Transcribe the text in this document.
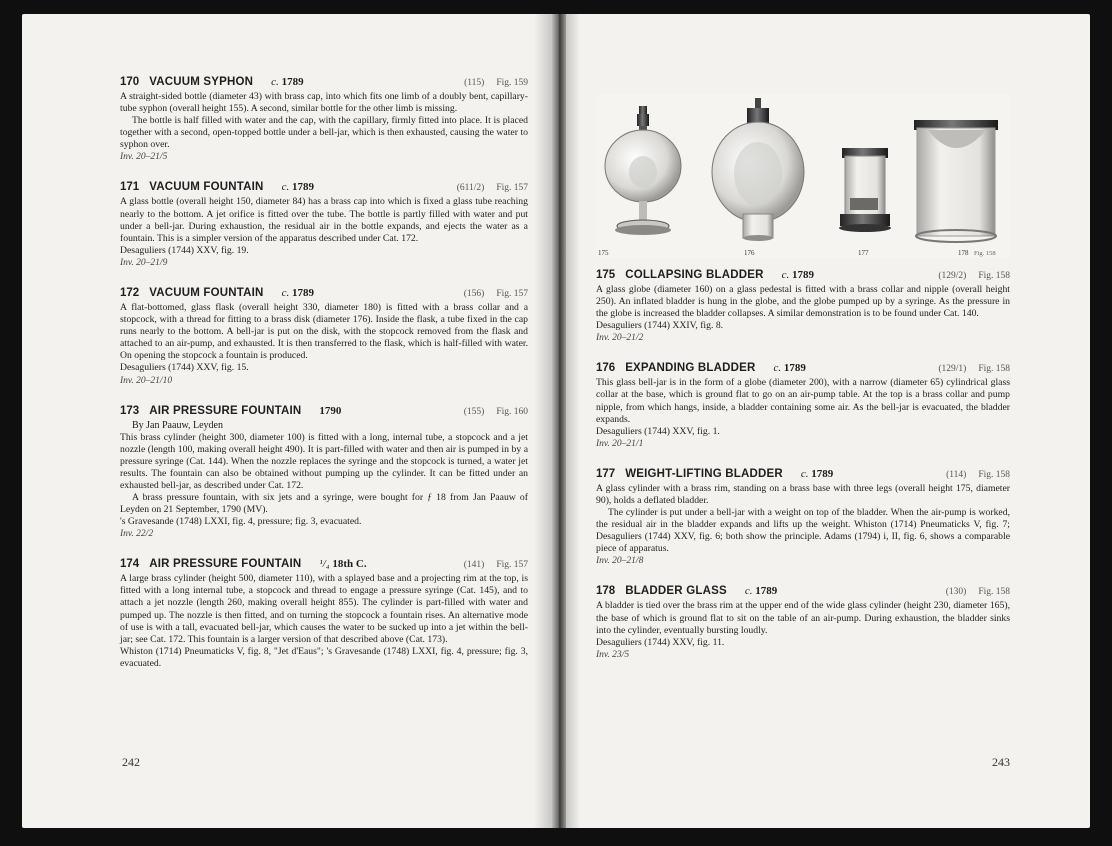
170 VACUUM SYPHON c. 1789	(115) Fig. 159

A straight-sided bottle (diameter 43) with brass cap, into which fits one limb of a doubly bent, capillary-tube syphon (overall height 155). A second, similar bottle for the other limb is missing.

The bottle is half filled with water and the cap, with the capillary, firmly fitted into place. It is placed together with a second, open-topped bottle under a bell-jar, which is then exhausted, causing the water to syphon over.

Inv. 20–21/5
171 VACUUM FOUNTAIN c. 1789	(611/2) Fig. 157

A glass bottle (overall height 150, diameter 84) has a brass cap into which is fixed a glass tube reaching nearly to the bottom. A jet orifice is fitted over the tube. The bottle is partly filled with water and put under a bell-jar. During exhaustion, the residual air in the bottle expands, and ejects the water as a fountain. This is a simpler version of the apparatus described under Cat. 172.

Desaguliers (1744) XXV, fig. 19.

Inv. 20–21/9
172 VACUUM FOUNTAIN c. 1789	(156) Fig. 157

A flat-bottomed, glass flask (overall height 330, diameter 180) is fitted with a brass collar and a stopcock, with a thread for fitting to a brass disk (diameter 176). Inside the flask, a tube fixed in the cap runs nearly to the bottom. A bell-jar is put on the disk, with the stopcock removed from the flask and attached to an air-pump, and exhausted. It is then transferred to the flask, which is half-filled with water. On opening the stopcock a fountain is produced.

Desaguliers (1744) XXV, fig. 15.

Inv. 20–21/10
173 AIR PRESSURE FOUNTAIN 1790	(155) Fig. 160
By Jan Paauw, Leyden

This brass cylinder (height 300, diameter 100) is fitted with a long, internal tube, a stopcock and a jet nozzle (length 100, making overall height 490). It is part-filled with water and then air is pumped in by a pressure syringe (Cat. 144). When the nozzle replaces the syringe and the stopcock is turned, a water jet results. The fountain can also be obtained without pumping up the cylinder. It can be fitted under an exhausted bell-jar, as described under Cat. 172.

A brass pressure fountain, with six jets and a syringe, were bought for ƒ 18 from Jan Paauw of Leyden on 21 September, 1790 (MV).

's Gravesande (1748) LXXI, fig. 4, pressure; fig. 3, evacuated.

Inv. 22/2
174 AIR PRESSURE FOUNTAIN ¹/₄ 18th C.	(141) Fig. 157

A large brass cylinder (height 500, diameter 110), with a splayed base and a projecting rim at the top, is fitted with a long internal tube, a stopcock and thread to engage a pressure syringe (Cat. 145), and to attach a jet nozzle (length 260, making overall height 855). The cylinder is part-filled with water and pumped up. The nozzle is then fitted, and on turning the stopcock a fountain rises. An alternative mode of use is with a tall, evacuated bell-jar, which causes the water to be sucked up into a jet within the bell-jar; see Cat. 172. This fountain is a larger version of that described above (Cat. 173).

Whiston (1714) Pneumaticks V, fig. 8, "Jet d'Eaus"; 's Gravesande (1748) LXXI, fig. 4, pressure; fig. 3, evacuated.

242
175	176	177	178 Fig. 158
175 COLLAPSING BLADDER c. 1789	(129/2) Fig. 158

A glass globe (diameter 160) on a glass pedestal is fitted with a brass collar and nipple (overall height 250). An inflated bladder is hung in the globe, and the globe pumped up by a syringe. As the pressure in the globe is increased the bladder collapses. A similar demonstration is to be found under Cat. 140.

Desaguliers (1744) XXIV, fig. 8.

Inv. 20–21/2
176 EXPANDING BLADDER c. 1789	(129/1) Fig. 158

This glass bell-jar is in the form of a globe (diameter 200), with a narrow (diameter 65) cylindrical glass collar at the base, which is ground flat to go on an air-pump table. At the top is a brass collar and pump nipple, from which hangs, inside, a bladder containing some air. As the bell-jar is evacuated, the bladder expands.

Desaguliers (1744) XXV, fig. 1.

Inv. 20–21/1
177 WEIGHT-LIFTING BLADDER c. 1789	(114) Fig. 158

A glass cylinder with a brass rim, standing on a brass base with three legs (overall height 175, diameter 90), holds a deflated bladder.

The cylinder is put under a bell-jar with a weight on top of the bladder. When the air-pump is worked, the residual air in the bladder expands and lifts up the weight. Whiston (1714) Pneumaticks V, fig. 7; Desaguliers (1744) XXV, fig. 6; both show the principle. Adams (1794) i, II, fig. 6, shows a comparable piece of apparatus.

Inv. 20–21/8
178 BLADDER GLASS c. 1789	(130) Fig. 158

A bladder is tied over the brass rim at the upper end of the wide glass cylinder (height 230, diameter 165), the base of which is ground flat to sit on the table of an air-pump. During exhaustion, the bladder sinks into the cylinder, eventually bursting loudly.

Desaguliers (1744) XXV, fig. 11.

Inv. 23/5
243
